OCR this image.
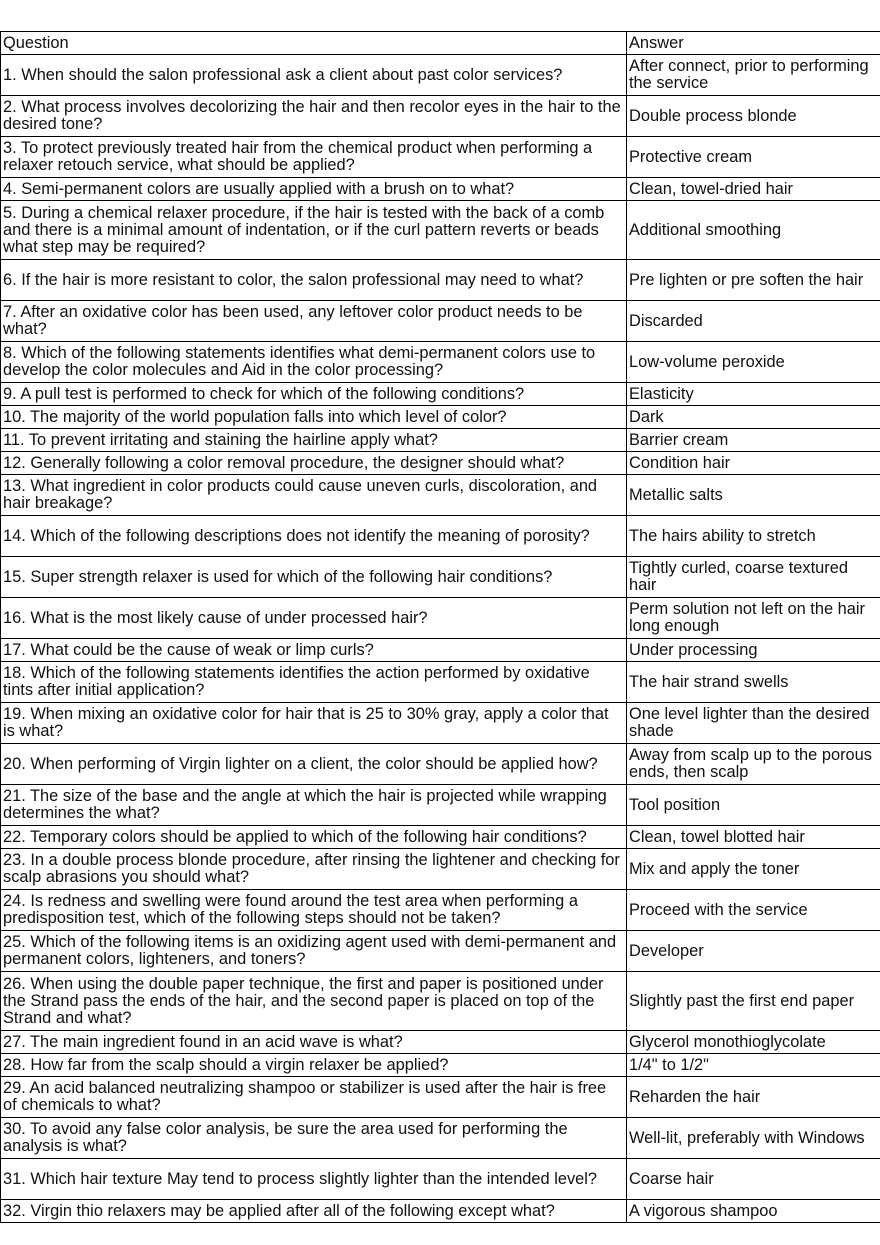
Question	Answer
1. When should the salon professional ask a client about past color services?	After connect, prior to performing the service
2. What process involves decolorizing the hair and then recolor eyes in the hair to the desired tone?	Double process blonde
3. To protect previously treated hair from the chemical product when performing a relaxer retouch service, what should be applied?	Protective cream
4. Semi-permanent colors are usually applied with a brush on to what?	Clean, towel-dried hair
5. During a chemical relaxer procedure, if the hair is tested with the back of a comb and there is a minimal amount of indentation, or if the curl pattern reverts or beads what step may be required?	Additional smoothing
6. If the hair is more resistant to color, the salon professional may need to what?	Pre lighten or pre soften the hair
7. After an oxidative color has been used, any leftover color product needs to be what?	Discarded
8. Which of the following statements identifies what demi-permanent colors use to develop the color molecules and Aid in the color processing?	Low-volume peroxide
9. A pull test is performed to check for which of the following conditions?	Elasticity
10. The majority of the world population falls into which level of color?	Dark
11. To prevent irritating and staining the hairline apply what?	Barrier cream
12. Generally following a color removal procedure, the designer should what?	Condition hair
13. What ingredient in color products could cause uneven curls, discoloration, and hair breakage?	Metallic salts
14. Which of the following descriptions does not identify the meaning of porosity?	The hairs ability to stretch
15. Super strength relaxer is used for which of the following hair conditions?	Tightly curled, coarse textured hair
16. What is the most likely cause of under processed hair?	Perm solution not left on the hair long enough
17. What could be the cause of weak or limp curls?	Under processing
18. Which of the following statements identifies the action performed by oxidative tints after initial application?	The hair strand swells
19. When mixing an oxidative color for hair that is 25 to 30% gray, apply a color that is what?	One level lighter than the desired shade
20. When performing of Virgin lighter on a client, the color should be applied how?	Away from scalp up to the porous ends, then scalp
21. The size of the base and the angle at which the hair is projected while wrapping determines the what?	Tool position
22. Temporary colors should be applied to which of the following hair conditions?	Clean, towel blotted hair
23. In a double process blonde procedure, after rinsing the lightener and checking for scalp abrasions you should what?	Mix and apply the toner
24. Is redness and swelling were found around the test area when performing a predisposition test, which of the following steps should not be taken?	Proceed with the service
25. Which of the following items is an oxidizing agent used with demi-permanent and permanent colors, lighteners, and toners?	Developer
26. When using the double paper technique, the first and paper is positioned under the Strand pass the ends of the hair, and the second paper is placed on top of the Strand and what?	Slightly past the first end paper
27. The main ingredient found in an acid wave is what?	Glycerol monothioglycolate
28. How far from the scalp should a virgin relaxer be applied?	1/4" to 1/2"
29. An acid balanced neutralizing shampoo or stabilizer is used after the hair is free of chemicals to what?	Reharden the hair
30. To avoid any false color analysis, be sure the area used for performing the analysis is what?	Well-lit, preferably with Windows
31. Which hair texture May tend to process slightly lighter than the intended level?	Coarse hair
32. Virgin thio relaxers may be applied after all of the following except what?	A vigorous shampoo
